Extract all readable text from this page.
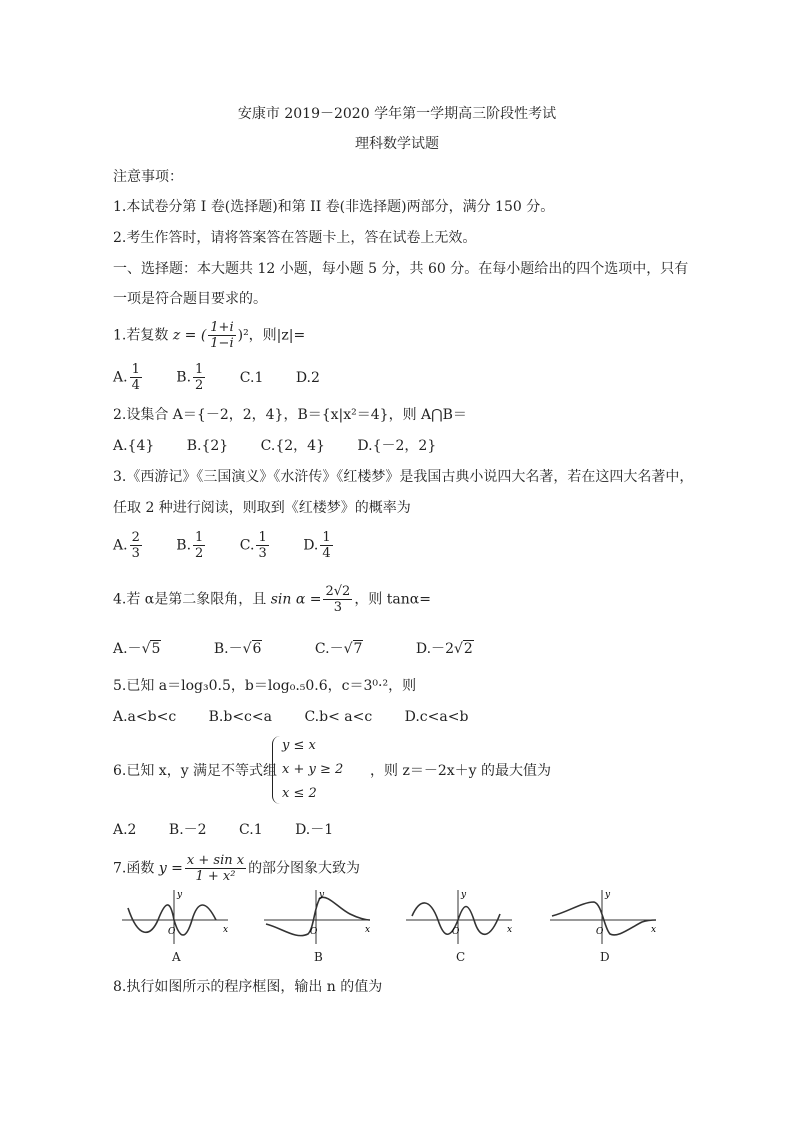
安康市 2019－2020 学年第一学期高三阶段性考试
理科数学试题
注意事项：
1.本试卷分第 I 卷(选择题)和第 II 卷(非选择题)两部分，满分 150 分。
2.考生作答时，请将答案答在答题卡上，答在试卷上无效。
一、选择题：本大题共 12 小题，每小题 5 分，共 60 分。在每小题给出的四个选项中，只有
一项是符合题目要求的。
1.若复数 z = ( $\frac{1+i}{1-i} )^2$，则|z|=
A. $\frac{1}{4} B$. $\frac{1}{2} C.1$ D.2
2.设集合 A＝{－2，2，4}，B＝{x|x²＝4}，则 A⋂B＝
A.{4} B.{2} C.{2，4} D.{－2，2}
3.《西游记》《三国演义》《水浒传》《红楼梦》是我国古典小说四大名著，若在这四大名著中，
任取 2 种进行阅读，则取到《红楼梦》的概率为
A. $\frac{2}{3} B$. $\frac{1}{2} C$. $\frac{1}{3} D$. $\frac{1}{4}$
4.若 α是第二象限角，且 $\sin \alpha = \frac{2√2}{3}$ ，则 tanα=
A.－√5	B.－√6	C.－√7	D.－2√2
5.已知 a＝log₃0.5，b＝log₀.₅0.6，c＝3⁰·²，则
A.a<b<c B.b<c<a C.b< a<c D.c<a<b
6.已知 x，y 满足不等式组
y ≤ x
x + y ≥ 2
x ≤ 2
，则 z＝－2x＋y 的最大值为
A.2 B.－2 C.1 D.－1
7.函数 $y = \frac{\text{x + sin x}}{\text{1 + x²}}$ 的部分图象大致为
O	x
y
O	x
y
O	x
y
O	x
y
A	B	C	D
8.执行如图所示的程序框图，输出 n 的值为
